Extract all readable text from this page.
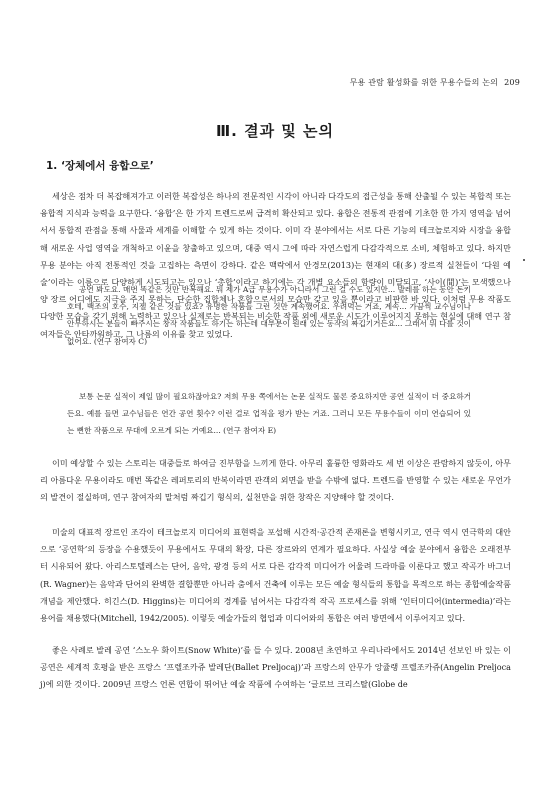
무용 관람 활성화를 위한 무용수들의 논의 209
Ⅲ. 결과 및 논의
1. ‘장체에서 융합으로’

세상은 점차 더 복잡해져가고 이러한 복잡성은 하나의 전문적인 시각이 아니라 다각도의 접근성을 통해 산출될 수 있는 복합적 또는 융합적 지식과 능력을 요구한다. ‘융합’은 한 가지 트렌드로써 급격히 확산되고 있다. 융합은 전통적 관점에 기초한 한 가지 영역을 넘어서서 통합적 관점을 통해 사물과 세계를 이해할 수 있게 하는 것이다. 이미 각 분야에서는 서로 다른 기능의 테크놀로지와 시장을 융합해 새로운 사업 영역을 개척하고 이윤을 창출하고 있으며, 대중 역시 그에 따라 자연스럽게 다감각적으로 소비, 체험하고 있다. 하지만 무용 분야는 아직 전통적인 것을 고집하는 측면이 강하다. 같은 맥락에서 안경모(2013)는 현재의 대(多) 장르적 실천들이 ‘다원 예술’이라는 이름으로 다양하게 시도되고는 있으나 ‘총합’이라고 하기에는 각 개별 요소들의 함량이 미달되고, ‘사이(間)’는 모색했으나 양 장르 어디에도 지극을 주지 못하는, 단순한 집합체나 혼합으로서의 모습만 갖고 있을 뿐이라고 비판한 바 있다. 이처럼 무용 작품도 다양한 모습을 갖기 위해 노력하고 있으나 실제로는 반복되는 비슷한 작품 외에 새로운 시도가 이루어지지 못하는 현실에 대해 연구 참여자들은 안타까워하고, 그 나름의 이유를 찾고 있었다.

공연 봐도요. 매번 똑같은 것만 반복해요. 뭐 제가 A급 무용수가 아니라서 그런 걸 수도 있지만... 발레를 하는 동안 돈키호테, 백조의 호수, 지젤 같은 것들 있죠? 유명한 작품들 그런 것만 계속했어요. 우려먹는 거죠, 계속... 가끔씩 교수님이나 안무하시는 분들이 빠주시는 창작 작품들도 하기는 하는데 대부분이 원래 있는 동작의 짜깁기거든요... 그래서 뭐 다를 것이 없어요. (연구 참여자 C)

보통 논문 실적이 제일 많이 필요하잖아요? 저희 무용 쪽에서는 논문 실적도 물론 중요하지만 공연 실적이 더 중요하거든요. 예를 들면 교수님들은 연간 공연 횟수? 이런 걸로 업적을 평가 받는 거죠. 그러니 모든 무용수들이 이미 연습되어 있는 뻔한 작품으로 무대에 오르게 되는 거예요... (연구 참여자 E)

이미 예상할 수 있는 스토리는 대중들로 하여금 진부함을 느끼게 한다. 아무리 훌륭한 영화라도 세 번 이상은 관람하지 않듯이, 아무리 아름다운 무용이라도 매번 똑같은 레퍼토리의 반복이라면 관객의 외면을 받을 수밖에 없다. 트렌드를 반영할 수 있는 새로운 무언가의 발견이 절실하며, 연구 참여자의 말처럼 짜깁기 형식의, 실천만을 위한 창작은 지양해야 할 것이다.

미술의 대표적 장르인 조각이 테크놀로지 미디어의 표현력을 포섭해 시간적·공간적 존재론을 변형시키고, 연극 역시 연극학의 대안으로 ‘공연학’의 등장을 수용했듯이 무용에서도 무대의 확장, 다른 장르와의 연계가 필요하다. 사실상 예술 분야에서 융합은 오래전부터 시유되어 왔다. 아리스토텔레스는 단어, 음악, 광경 등의 서로 다른 감각적 미디어가 어울려 드라마를 이룬다고 했고 작곡가 바그너(R. Wagner)는 음악과 단어의 완벽한 결합뿐만 아니라 춤에서 건축에 이루는 모든 예술 형식들의 통합을 목적으로 하는 종합예술작품 개념을 제안했다. 히긴스(D. Higgins)는 미디어의 경계를 넘어서는 다감각적 작곡 프로세스를 위해 ‘인터미디어(intermedia)’라는 용어를 채용했다(Mitchell, 1942/2005). 이렇듯 예술가들의 협업과 미디어와의 통합은 여러 방면에서 이루어지고 있다.

좋은 사례로 발레 공연 ‘스노우 화이트(Snow White)’를 들 수 있다. 2008년 초연하고 우리나라에서도 2014년 선보인 바 있는 이 공연은 세계적 호평을 받은 프랑스 ‘프렐조카쥬 발레단(Ballet Preljocaj)’과 프랑스의 안무가 앙쥴랭 프렐조카쥬(Angelin Preljocaj)에 의한 것이다. 2009년 프랑스 언론 연합이 뛰어난 예술 작품에 수여하는 ‘글로브 크리스탈(Globe de
